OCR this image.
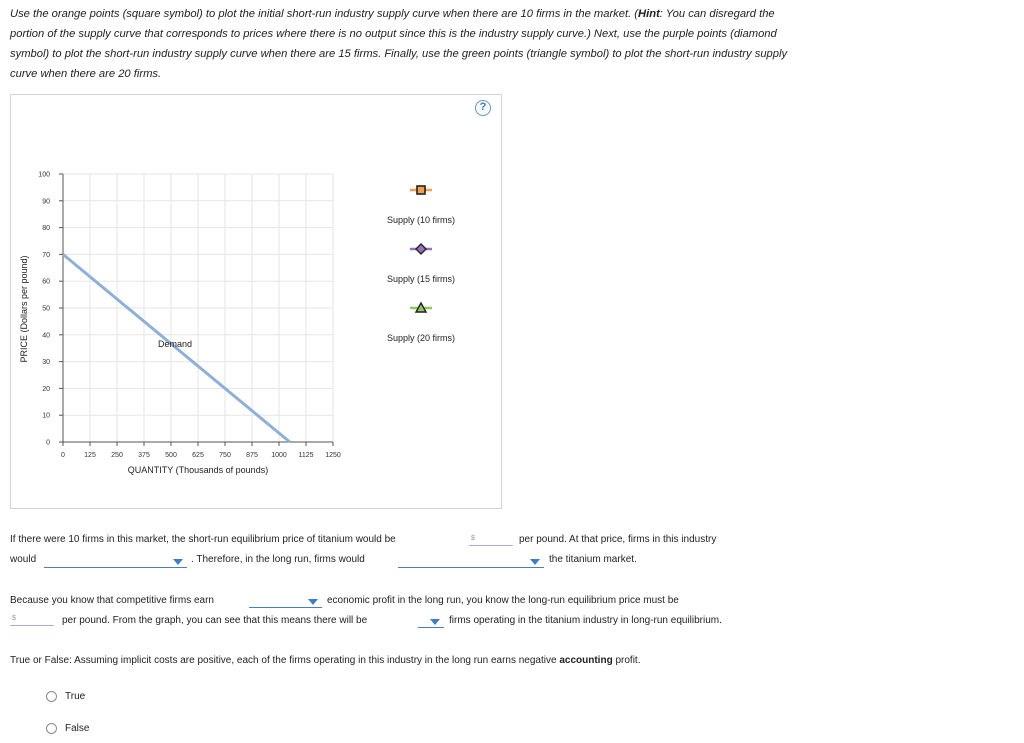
Use the orange points (square symbol) to plot the initial short-run industry supply curve when there are 10 firms in the market. (Hint: You can disregard the portion of the supply curve that corresponds to prices where there is no output since this is the industry supply curve.) Next, use the purple points (diamond symbol) to plot the short-run industry supply curve when there are 15 firms. Finally, use the green points (triangle symbol) to plot the short-run industry supply curve when there are 20 firms.
?
0
10
20
30
40
50
60
70
80
90
100
0	125 250 375 500 625 750 875 1000 1125 1250
QUANTITY (Thousands of pounds)
PRICE (Dollars per pound)	Demand
Supply (10 firms)
Supply (15 firms)
Supply (20 firms)
If there were 10 firms in this market, the short-run equilibrium price of titanium would be	$	per pound. At that price, firms in this industry
would	. Therefore, in the long run, firms would	the titanium market.
Because you know that competitive firms earn	economic profit in the long run, you know the long-run equilibrium price must be
$	per pound. From the graph, you can see that this means there will be	firms operating in the titanium industry in long-run equilibrium.
True or False: Assuming implicit costs are positive, each of the firms operating in this industry in the long run earns negative accounting profit.
True
False
